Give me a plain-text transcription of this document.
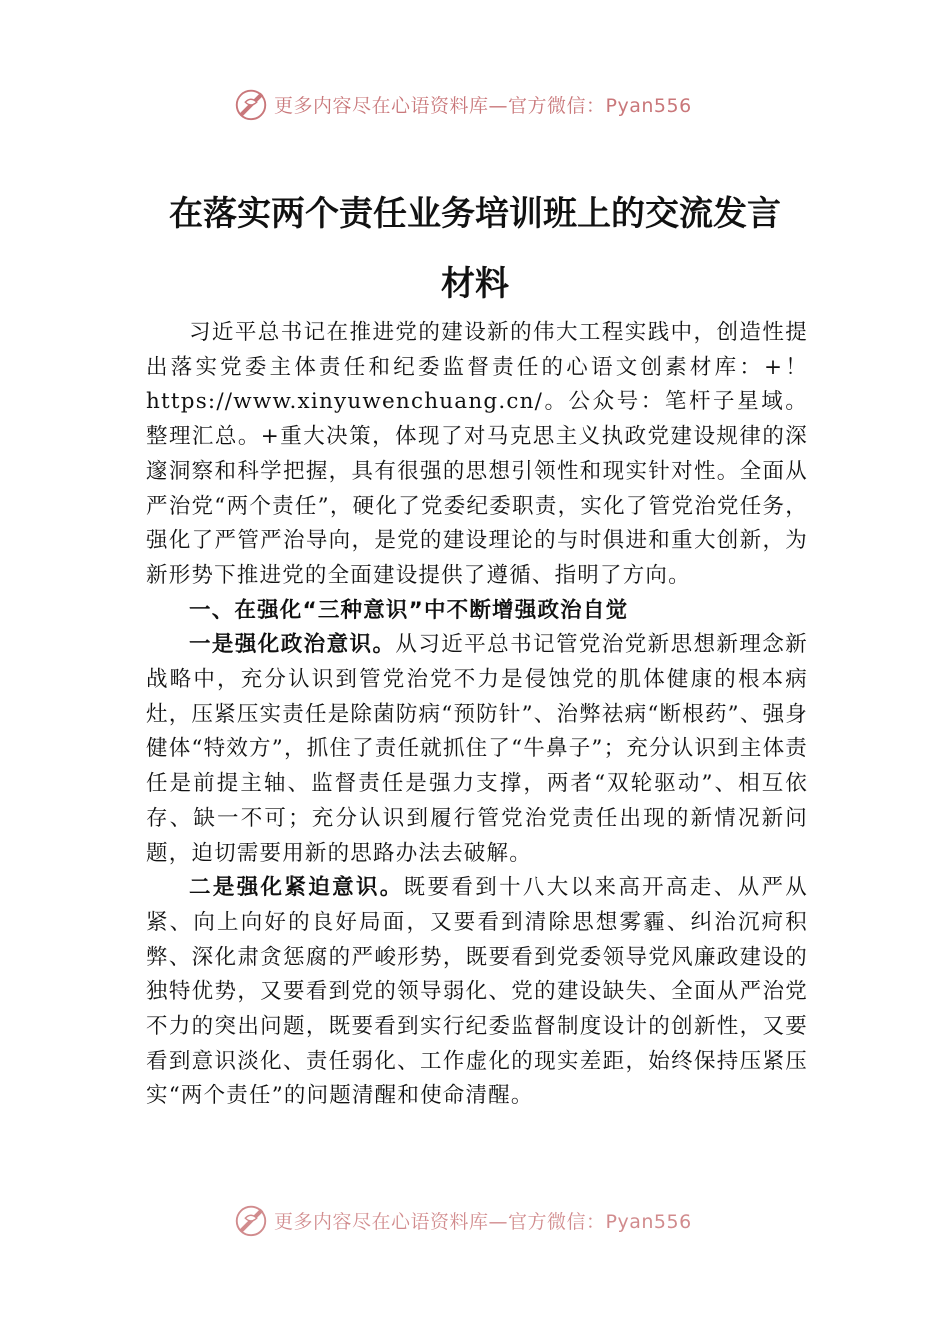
更多内容尽在心语资料库—官方微信：Pyan556
在落实两个责任业务培训班上的交流发言
材料

习近平总书记在推进党的建设新的伟大工程实践中，创造性提出落实党委主体责任和纪委监督责任的心语文创素材库：+！https://www.xinyuwenchuang.cn/。公众号：笔杆子星域。整理汇总。+重大决策，体现了对马克思主义执政党建设规律的深邃洞察和科学把握，具有很强的思想引领性和现实针对性。全面从严治党“两个责任”，硬化了党委纪委职责，实化了管党治党任务，强化了严管严治导向，是党的建设理论的与时俱进和重大创新，为新形势下推进党的全面建设提供了遵循、指明了方向。

一、在强化“三种意识”中不断增强政治自觉

一是强化政治意识。从习近平总书记管党治党新思想新理念新战略中，充分认识到管党治党不力是侵蚀党的肌体健康的根本病灶，压紧压实责任是除菌防病“预防针”、治弊祛病“断根药”、强身健体“特效方”，抓住了责任就抓住了“牛鼻子”；充分认识到主体责任是前提主轴、监督责任是强力支撑，两者“双轮驱动”、相互依存、缺一不可；充分认识到履行管党治党责任出现的新情况新问题，迫切需要用新的思路办法去破解。

二是强化紧迫意识。既要看到十八大以来高开高走、从严从紧、向上向好的良好局面，又要看到清除思想雾霾、纠治沉疴积弊、深化肃贪惩腐的严峻形势，既要看到党委领导党风廉政建设的独特优势，又要看到党的领导弱化、党的建设缺失、全面从严治党不力的突出问题，既要看到实行纪委监督制度设计的创新性，又要看到意识淡化、责任弱化、工作虚化的现实差距，始终保持压紧压实“两个责任”的问题清醒和使命清醒。

更多内容尽在心语资料库—官方微信：Pyan556
